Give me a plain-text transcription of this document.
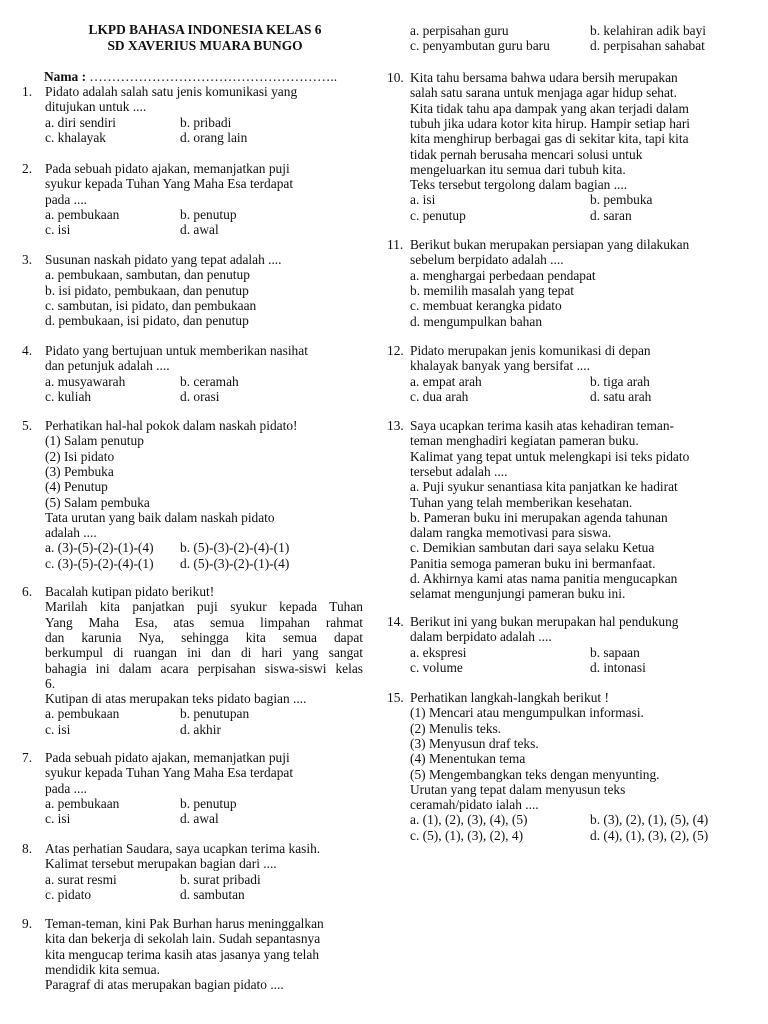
LKPD BAHASA INDONESIA KELAS 6
SD XAVERIUS MUARA BUNGO
Nama : ………………………………………………..
a. perpisahan guru	b. kelahiran adik bayi
c. penyambutan guru baru	d. perpisahan sahabat
1. Pidato adalah salah satu jenis komunikasi yang
ditujukan untuk ....
a. diri sendiri	b. pribadi
c. khalayak	d. orang lain
2. Pada sebuah pidato ajakan, memanjatkan puji
syukur kepada Tuhan Yang Maha Esa terdapat
pada ....
a. pembukaan	b. penutup
c. isi	d. awal
3. Susunan naskah pidato yang tepat adalah ....
a. pembukaan, sambutan, dan penutup
b. isi pidato, pembukaan, dan penutup
c. sambutan, isi pidato, dan pembukaan
d. pembukaan, isi pidato, dan penutup
4. Pidato yang bertujuan untuk memberikan nasihat
dan petunjuk adalah ....
a. musyawarah	b. ceramah
c. kuliah	d. orasi
5. Perhatikan hal-hal pokok dalam naskah pidato!
(1) Salam penutup
(2) Isi pidato
(3) Pembuka
(4) Penutup
(5) Salam pembuka
Tata urutan yang baik dalam naskah pidato
adalah ....
a. (3)-(5)-(2)-(1)-(4) b. (5)-(3)-(2)-(4)-(1)
c. (3)-(5)-(2)-(4)-(1) d. (5)-(3)-(2)-(1)-(4)
6. Bacalah kutipan pidato berikut!
Marilah kita panjatkan puji syukur kepada Tuhan
Yang Maha Esa, atas semua limpahan rahmat
dan karunia Nya, sehingga kita semua dapat
berkumpul di ruangan ini dan di hari yang sangat
bahagia ini dalam acara perpisahan siswa-siswi kelas
6.
Kutipan di atas merupakan teks pidato bagian ....
a. pembukaan	b. penutupan
c. isi	d. akhir
7. Pada sebuah pidato ajakan, memanjatkan puji
syukur kepada Tuhan Yang Maha Esa terdapat
pada ....
a. pembukaan	b. penutup
c. isi	d. awal
8. Atas perhatian Saudara, saya ucapkan terima kasih.
Kalimat tersebut merupakan bagian dari ....
a. surat resmi	b. surat pribadi
c. pidato	d. sambutan
9. Teman-teman, kini Pak Burhan harus meninggalkan
kita dan bekerja di sekolah lain. Sudah sepantasnya
kita mengucap terima kasih atas jasanya yang telah
mendidik kita semua.
Paragraf di atas merupakan bagian pidato ....
10. Kita tahu bersama bahwa udara bersih merupakan
salah satu sarana untuk menjaga agar hidup sehat.
Kita tidak tahu apa dampak yang akan terjadi dalam
tubuh jika udara kotor kita hirup. Hampir setiap hari
kita menghirup berbagai gas di sekitar kita, tapi kita
tidak pernah berusaha mencari solusi untuk
mengeluarkan itu semua dari tubuh kita.
Teks tersebut tergolong dalam bagian ....
a. isi	b. pembuka
c. penutup	d. saran
11. Berikut bukan merupakan persiapan yang dilakukan
sebelum berpidato adalah ....
a. menghargai perbedaan pendapat
b. memilih masalah yang tepat
c. membuat kerangka pidato
d. mengumpulkan bahan
12. Pidato merupakan jenis komunikasi di depan
khalayak banyak yang bersifat ....
a. empat arah	b. tiga arah
c. dua arah	d. satu arah
13. Saya ucapkan terima kasih atas kehadiran teman-
teman menghadiri kegiatan pameran buku.
Kalimat yang tepat untuk melengkapi isi teks pidato
tersebut adalah ....
a. Puji syukur senantiasa kita panjatkan ke hadirat
Tuhan yang telah memberikan kesehatan.
b. Pameran buku ini merupakan agenda tahunan
dalam rangka memotivasi para siswa.
c. Demikian sambutan dari saya selaku Ketua
Panitia semoga pameran buku ini bermanfaat.
d. Akhirnya kami atas nama panitia mengucapkan
selamat mengunjungi pameran buku ini.
14. Berikut ini yang bukan merupakan hal pendukung
dalam berpidato adalah ....
a. ekspresi	b. sapaan
c. volume	d. intonasi
15. Perhatikan langkah-langkah berikut !
(1) Mencari atau mengumpulkan informasi.
(2) Menulis teks.
(3) Menyusun draf teks.
(4) Menentukan tema
(5) Mengembangkan teks dengan menyunting.
Urutan yang tepat dalam menyusun teks
ceramah/pidato ialah ....
a. (1), (2), (3), (4), (5)	b. (3), (2), (1), (5), (4)
c. (5), (1), (3), (2), 4)	d. (4), (1), (3), (2), (5)
